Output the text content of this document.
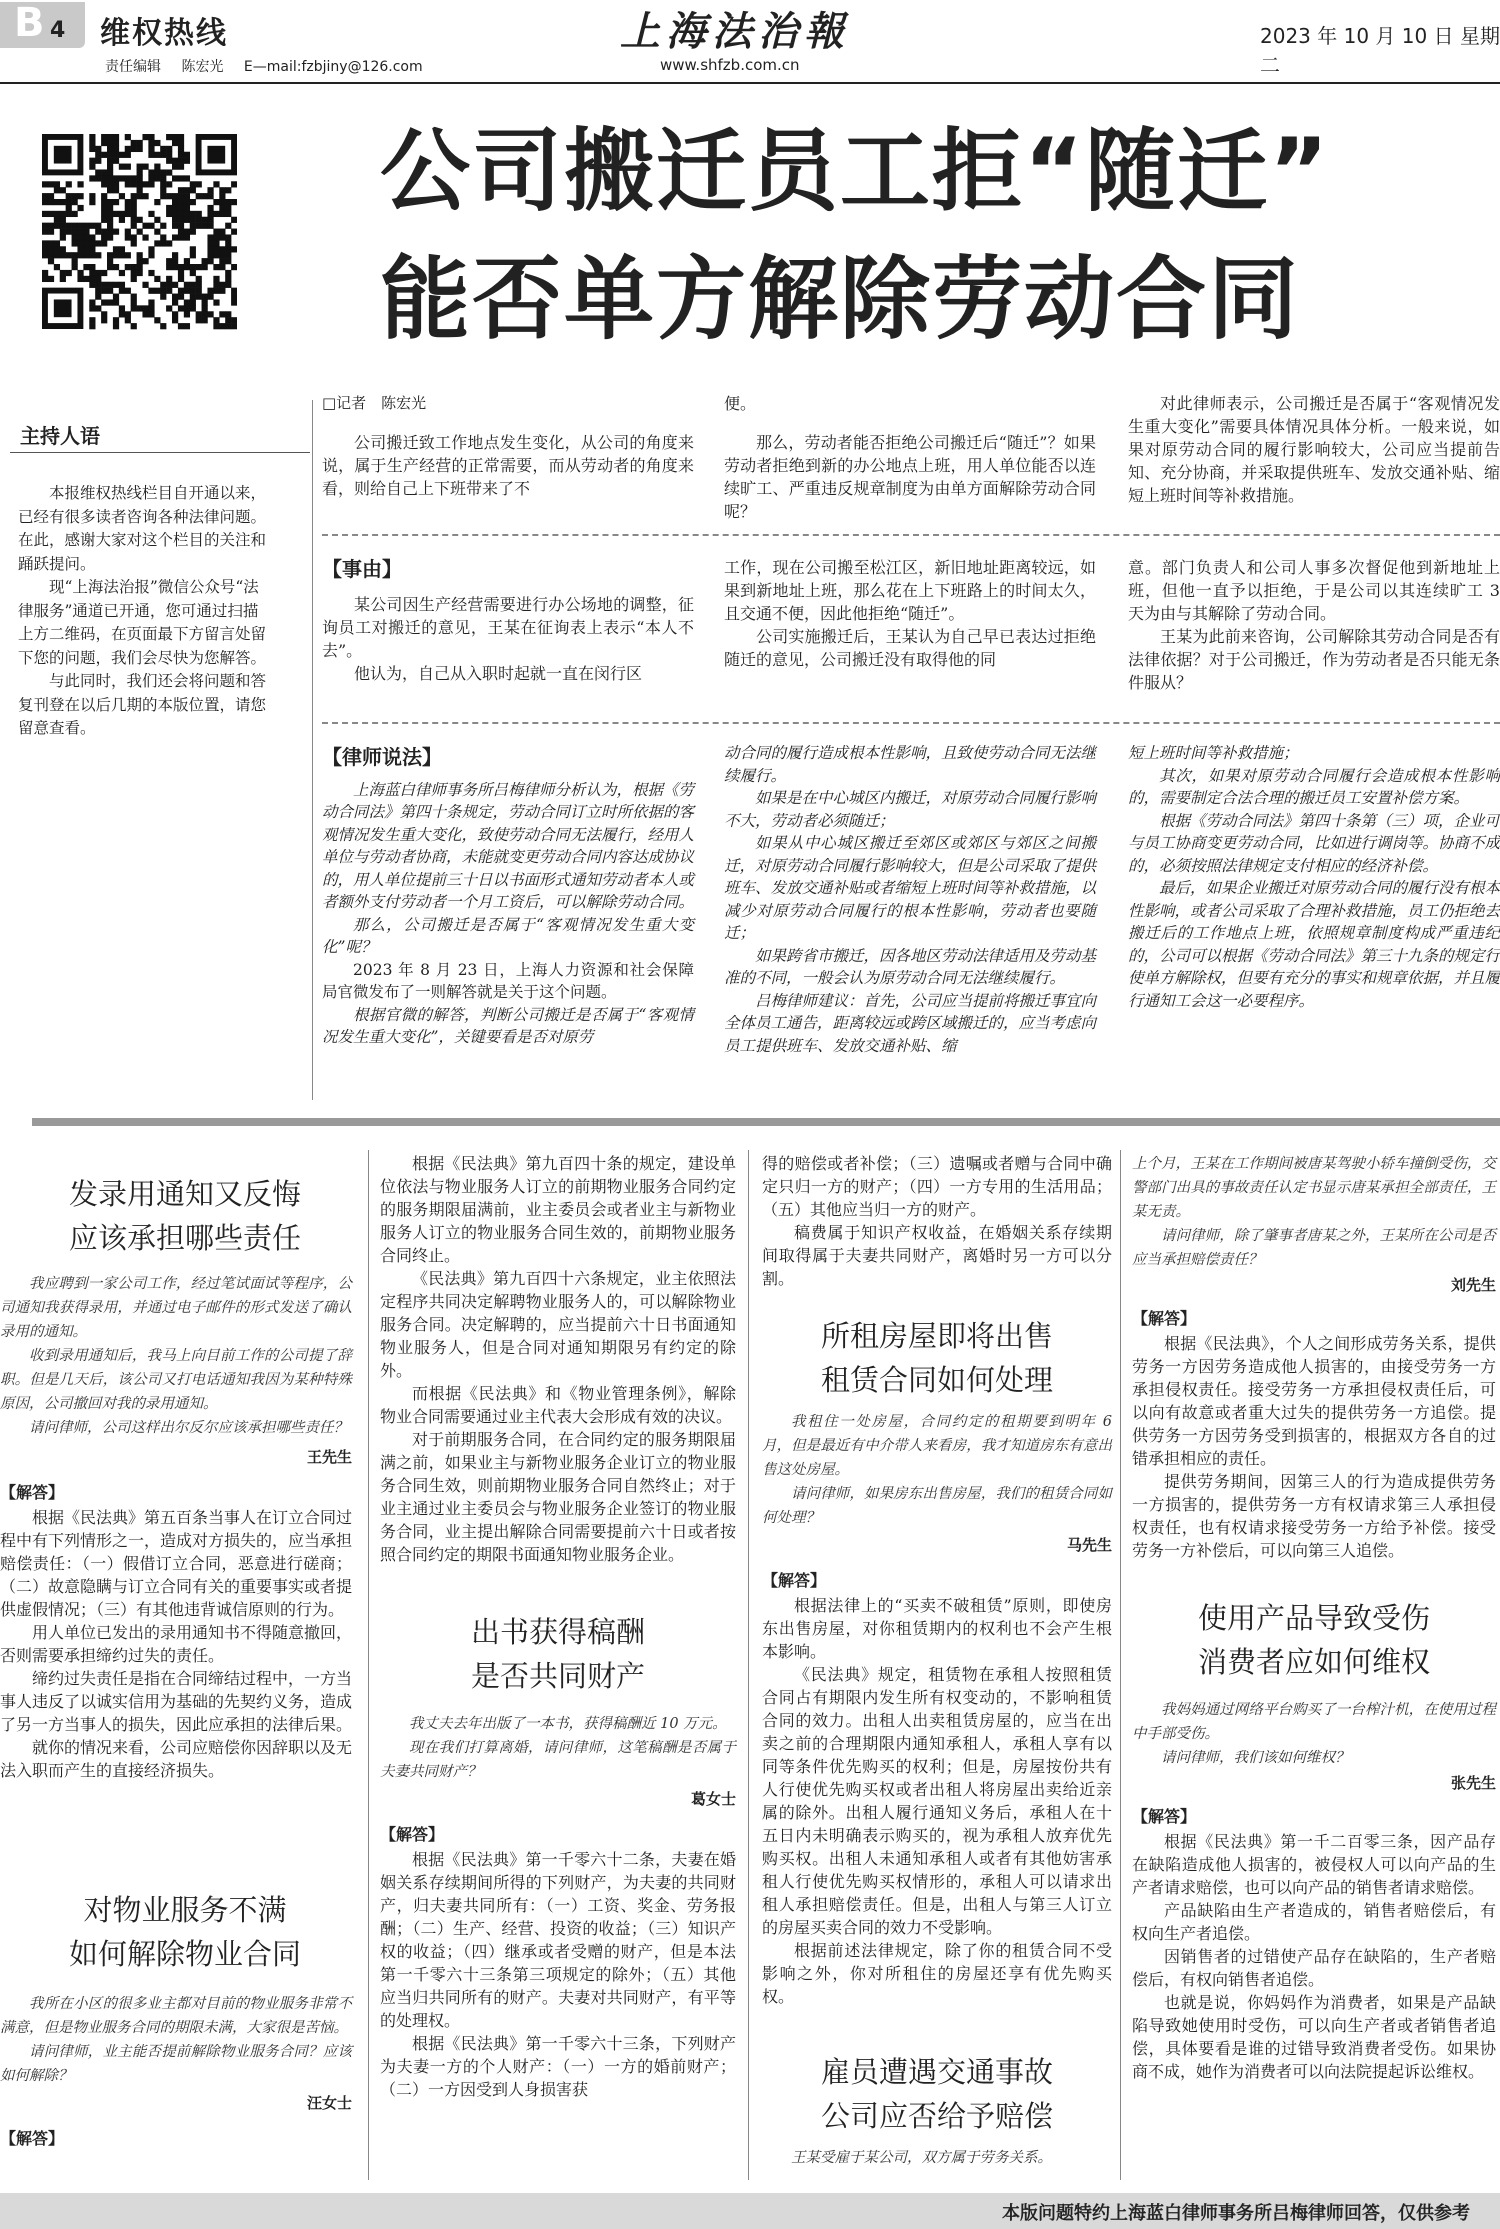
B 4 维权热线
责任编辑 陈宏光 E—mail:fzbjiny@126.com
上海法治報
www.shfzb.com.cn
2023 年 10 月 10 日 星期二
公司搬迁员工拒“随迁”
能否单方解除劳动合同
主持人语

本报维权热线栏目自开通以来，已经有很多读者咨询各种法律问题。在此，感谢大家对这个栏目的关注和踊跃提问。

现“上海法治报”微信公众号“法律服务”通道已开通，您可通过扫描上方二维码，在页面最下方留言处留下您的问题，我们会尽快为您解答。

与此同时，我们还会将问题和答复刊登在以后几期的本版位置，请您留意查看。

□记者　陈宏光

公司搬迁致工作地点发生变化，从公司的角度来说，属于生产经营的正常需要，而从劳动者的角度来看，则给自己上下班带来了不

便。

那么，劳动者能否拒绝公司搬迁后“随迁”？如果劳动者拒绝到新的办公地点上班，用人单位能否以连续旷工、严重违反规章制度为由单方面解除劳动合同呢？

对此律师表示，公司搬迁是否属于“客观情况发生重大变化”需要具体情况具体分析。一般来说，如果对原劳动合同的履行影响较大，公司应当提前告知、充分协商，并采取提供班车、发放交通补贴、缩短上班时间等补救措施。

【事由】

某公司因生产经营需要进行办公场地的调整，征询员工对搬迁的意见，王某在征询表上表示“本人不去”。

他认为，自己从入职时起就一直在闵行区

工作，现在公司搬至松江区，新旧地址距离较远，如果到新地址上班，那么花在上下班路上的时间太久，且交通不便，因此他拒绝“随迁”。

公司实施搬迁后，王某认为自己早已表达过拒绝随迁的意见，公司搬迁没有取得他的同

意。部门负责人和公司人事多次督促他到新地址上班，但他一直予以拒绝，于是公司以其连续旷工 3 天为由与其解除了劳动合同。

王某为此前来咨询，公司解除其劳动合同是否有法律依据？对于公司搬迁，作为劳动者是否只能无条件服从？

【律师说法】

上海蓝白律师事务所吕梅律师分析认为，根据《劳动合同法》第四十条规定，劳动合同订立时所依据的客观情况发生重大变化，致使劳动合同无法履行，经用人单位与劳动者协商，未能就变更劳动合同内容达成协议的，用人单位提前三十日以书面形式通知劳动者本人或者额外支付劳动者一个月工资后，可以解除劳动合同。

那么，公司搬迁是否属于“客观情况发生重大变化”呢？

2023 年 8 月 23 日，上海人力资源和社会保障局官微发布了一则解答就是关于这个问题。

根据官微的解答，判断公司搬迁是否属于“客观情况发生重大变化”，关键要看是否对原劳

动合同的履行造成根本性影响，且致使劳动合同无法继续履行。

如果是在中心城区内搬迁，对原劳动合同履行影响不大，劳动者必须随迁；

如果从中心城区搬迁至郊区或郊区与郊区之间搬迁，对原劳动合同履行影响较大，但是公司采取了提供班车、发放交通补贴或者缩短上班时间等补救措施，以减少对原劳动合同履行的根本性影响，劳动者也要随迁；

如果跨省市搬迁，因各地区劳动法律适用及劳动基准的不同，一般会认为原劳动合同无法继续履行。

吕梅律师建议：首先，公司应当提前将搬迁事宜向全体员工通告，距离较远或跨区域搬迁的，应当考虑向员工提供班车、发放交通补贴、缩

短上班时间等补救措施；

其次，如果对原劳动合同履行会造成根本性影响的，需要制定合法合理的搬迁员工安置补偿方案。

根据《劳动合同法》第四十条第（三）项，企业可与员工协商变更劳动合同，比如进行调岗等。协商不成的，必须按照法律规定支付相应的经济补偿。

最后，如果企业搬迁对原劳动合同的履行没有根本性影响，或者公司采取了合理补救措施，员工仍拒绝去搬迁后的工作地点上班，依照规章制度构成严重违纪的，公司可以根据《劳动合同法》第三十九条的规定行使单方解除权，但要有充分的事实和规章依据，并且履行通知工会这一必要程序。

发录用通知又反悔
应该承担哪些责任

我应聘到一家公司工作，经过笔试面试等程序，公司通知我获得录用，并通过电子邮件的形式发送了确认录用的通知。

收到录用通知后，我马上向目前工作的公司提了辞职。但是几天后，该公司又打电话通知我因为某种特殊原因，公司撤回对我的录用通知。

请问律师，公司这样出尔反尔应该承担哪些责任？

王先生
【解答】

根据《民法典》第五百条当事人在订立合同过程中有下列情形之一，造成对方损失的，应当承担赔偿责任：（一）假借订立合同，恶意进行磋商；（二）故意隐瞒与订立合同有关的重要事实或者提供虚假情况；（三）有其他违背诚信原则的行为。

用人单位已发出的录用通知书不得随意撤回，否则需要承担缔约过失的责任。

缔约过失责任是指在合同缔结过程中，一方当事人违反了以诚实信用为基础的先契约义务，造成了另一方当事人的损失，因此应承担的法律后果。

就你的情况来看，公司应赔偿你因辞职以及无法入职而产生的直接经济损失。

对物业服务不满
如何解除物业合同

我所在小区的很多业主都对目前的物业服务非常不满意，但是物业服务合同的期限未满，大家很是苦恼。

请问律师，业主能否提前解除物业服务合同？应该如何解除？

汪女士
【解答】

根据《民法典》第九百四十条的规定，建设单位依法与物业服务人订立的前期物业服务合同约定的服务期限届满前，业主委员会或者业主与新物业服务人订立的物业服务合同生效的，前期物业服务合同终止。

《民法典》第九百四十六条规定，业主依照法定程序共同决定解聘物业服务人的，可以解除物业服务合同。决定解聘的，应当提前六十日书面通知物业服务人，但是合同对通知期限另有约定的除外。

而根据《民法典》和《物业管理条例》，解除物业合同需要通过业主代表大会形成有效的决议。

对于前期服务合同，在合同约定的服务期限届满之前，如果业主与新物业服务企业订立的物业服务合同生效，则前期物业服务合同自然终止；对于业主通过业主委员会与物业服务企业签订的物业服务合同，业主提出解除合同需要提前六十日或者按照合同约定的期限书面通知物业服务企业。

出书获得稿酬
是否共同财产

我丈夫去年出版了一本书，获得稿酬近 10 万元。

现在我们打算离婚，请问律师，这笔稿酬是否属于夫妻共同财产？

葛女士
【解答】

根据《民法典》第一千零六十二条，夫妻在婚姻关系存续期间所得的下列财产，为夫妻的共同财产，归夫妻共同所有：（一）工资、奖金、劳务报酬；（二）生产、经营、投资的收益；（三）知识产权的收益；（四）继承或者受赠的财产，但是本法第一千零六十三条第三项规定的除外；（五）其他应当归共同所有的财产。夫妻对共同财产，有平等的处理权。

根据《民法典》第一千零六十三条，下列财产为夫妻一方的个人财产：（一）一方的婚前财产；（二）一方因受到人身损害获

得的赔偿或者补偿；（三）遗嘱或者赠与合同中确定只归一方的财产；（四）一方专用的生活用品；（五）其他应当归一方的财产。

稿费属于知识产权收益，在婚姻关系存续期间取得属于夫妻共同财产，离婚时另一方可以分割。

所租房屋即将出售
租赁合同如何处理

我租住一处房屋，合同约定的租期要到明年 6 月，但是最近有中介带人来看房，我才知道房东有意出售这处房屋。

请问律师，如果房东出售房屋，我们的租赁合同如何处理？

马先生
【解答】

根据法律上的“买卖不破租赁”原则，即使房东出售房屋，对你租赁期内的权利也不会产生根本影响。

《民法典》规定，租赁物在承租人按照租赁合同占有期限内发生所有权变动的，不影响租赁合同的效力。出租人出卖租赁房屋的，应当在出卖之前的合理期限内通知承租人，承租人享有以同等条件优先购买的权利；但是，房屋按份共有人行使优先购买权或者出租人将房屋出卖给近亲属的除外。出租人履行通知义务后，承租人在十五日内未明确表示购买的，视为承租人放弃优先购买权。出租人未通知承租人或者有其他妨害承租人行使优先购买权情形的，承租人可以请求出租人承担赔偿责任。但是，出租人与第三人订立的房屋买卖合同的效力不受影响。

根据前述法律规定，除了你的租赁合同不受影响之外，你对所租住的房屋还享有优先购买权。

雇员遭遇交通事故
公司应否给予赔偿

王某受雇于某公司，双方属于劳务关系。

上个月，王某在工作期间被唐某驾驶小轿车撞倒受伤，交警部门出具的事故责任认定书显示唐某承担全部责任，王某无责。

请问律师，除了肇事者唐某之外，王某所在公司是否应当承担赔偿责任？

刘先生
【解答】

根据《民法典》，个人之间形成劳务关系，提供劳务一方因劳务造成他人损害的，由接受劳务一方承担侵权责任。接受劳务一方承担侵权责任后，可以向有故意或者重大过失的提供劳务一方追偿。提供劳务一方因劳务受到损害的，根据双方各自的过错承担相应的责任。

提供劳务期间，因第三人的行为造成提供劳务一方损害的，提供劳务一方有权请求第三人承担侵权责任，也有权请求接受劳务一方给予补偿。接受劳务一方补偿后，可以向第三人追偿。

使用产品导致受伤
消费者应如何维权

我妈妈通过网络平台购买了一台榨汁机，在使用过程中手部受伤。

请问律师，我们该如何维权？

张先生
【解答】

根据《民法典》第一千二百零三条，因产品存在缺陷造成他人损害的，被侵权人可以向产品的生产者请求赔偿，也可以向产品的销售者请求赔偿。

产品缺陷由生产者造成的，销售者赔偿后，有权向生产者追偿。

因销售者的过错使产品存在缺陷的，生产者赔偿后，有权向销售者追偿。

也就是说，你妈妈作为消费者，如果是产品缺陷导致她使用时受伤，可以向生产者或者销售者追偿，具体要看是谁的过错导致消费者受伤。如果协商不成，她作为消费者可以向法院提起诉讼维权。

本版问题特约上海蓝白律师事务所吕梅律师回答，仅供参考
